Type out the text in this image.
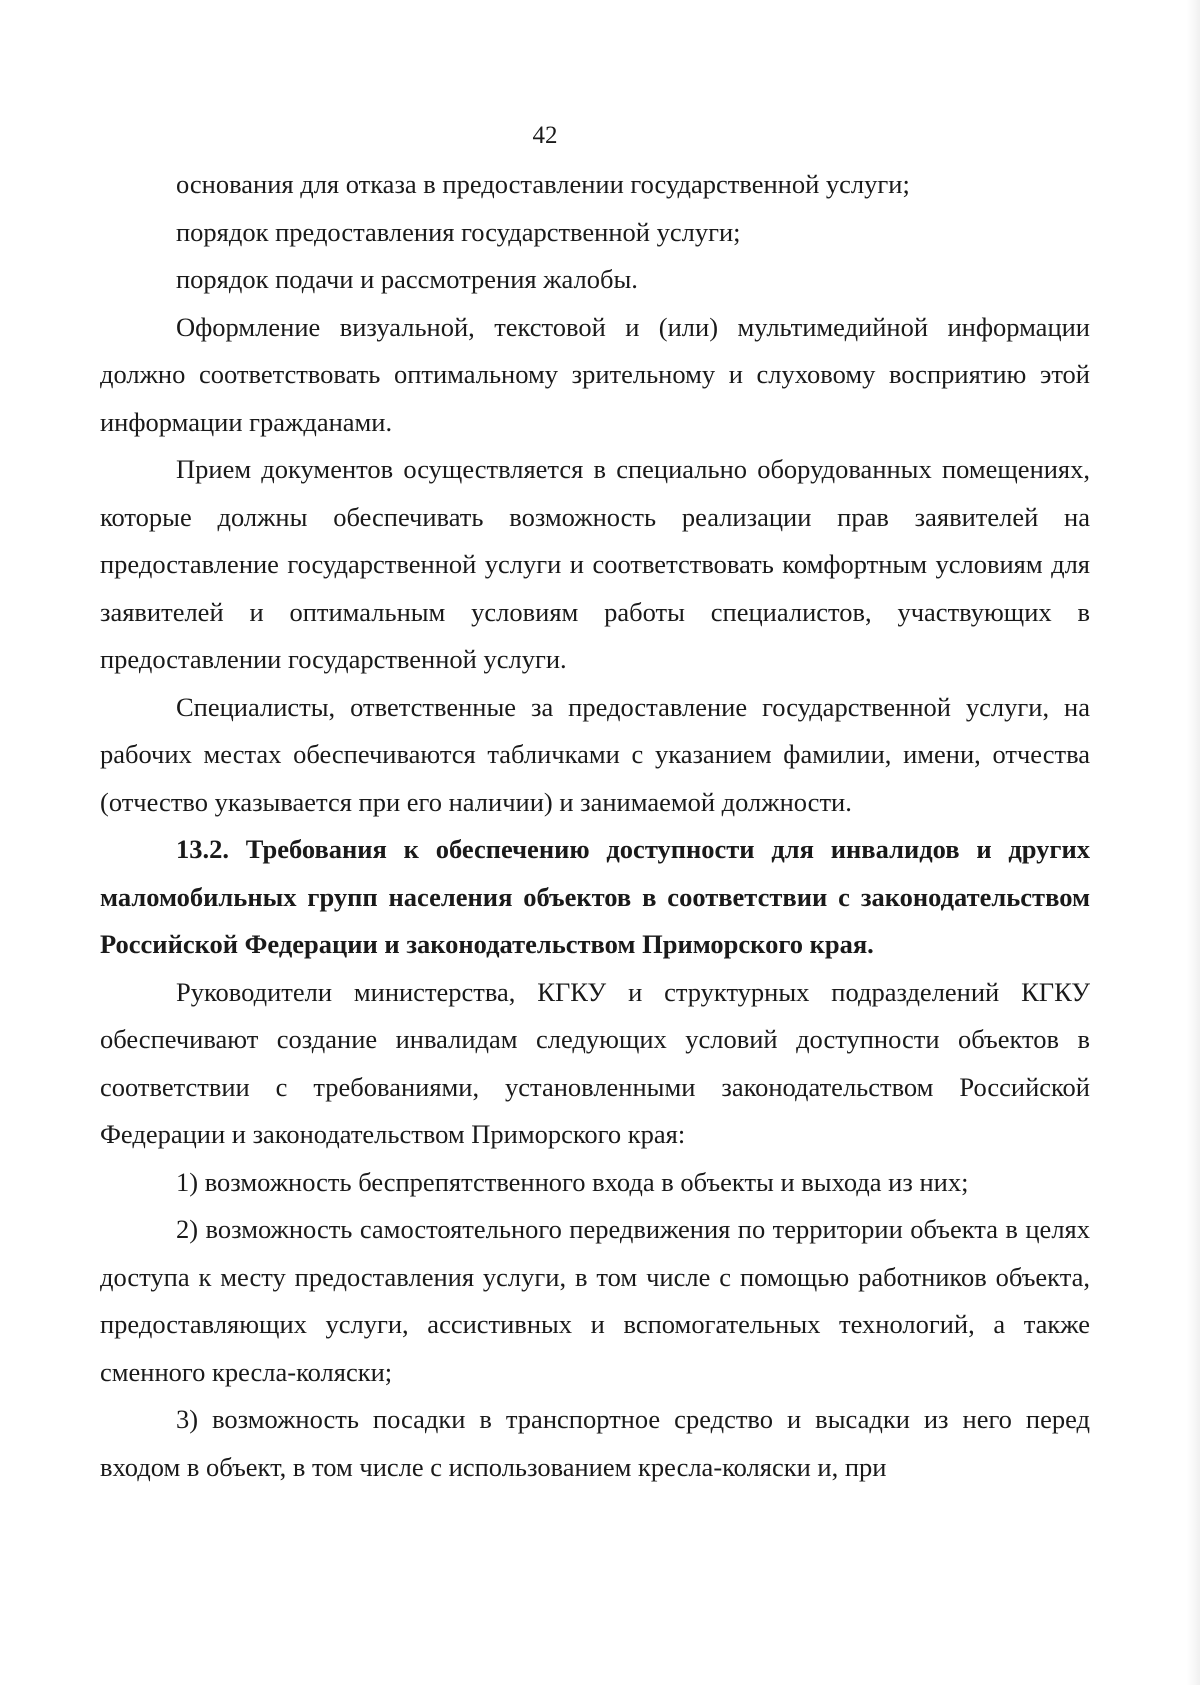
42

основания для отказа в предоставлении государственной услуги;

порядок предоставления государственной услуги;

порядок подачи и рассмотрения жалобы.

Оформление визуальной, текстовой и (или) мультимедийной информации должно соответствовать оптимальному зрительному и слуховому восприятию этой информации гражданами.

Прием документов осуществляется в специально оборудованных помещениях, которые должны обеспечивать возможность реализации прав заявителей на предоставление государственной услуги и соответствовать комфортным условиям для заявителей и оптимальным условиям работы специалистов, участвующих в предоставлении государственной услуги.

Специалисты, ответственные за предоставление государственной услуги, на рабочих местах обеспечиваются табличками с указанием фамилии, имени, отчества (отчество указывается при его наличии) и занимаемой должности.

13.2. Требования к обеспечению доступности для инвалидов и других маломобильных групп населения объектов в соответствии с законодательством Российской Федерации и законодательством Приморского края.

Руководители министерства, КГКУ и структурных подразделений КГКУ обеспечивают создание инвалидам следующих условий доступности объектов в соответствии с требованиями, установленными законодательством Российской Федерации и законодательством Приморского края:

1) возможность беспрепятственного входа в объекты и выхода из них;

2) возможность самостоятельного передвижения по территории объекта в целях доступа к месту предоставления услуги, в том числе с помощью работников объекта, предоставляющих услуги, ассистивных и вспомогательных технологий, а также сменного кресла-коляски;

3) возможность посадки в транспортное средство и высадки из него перед входом в объект, в том числе с использованием кресла-коляски и, при
